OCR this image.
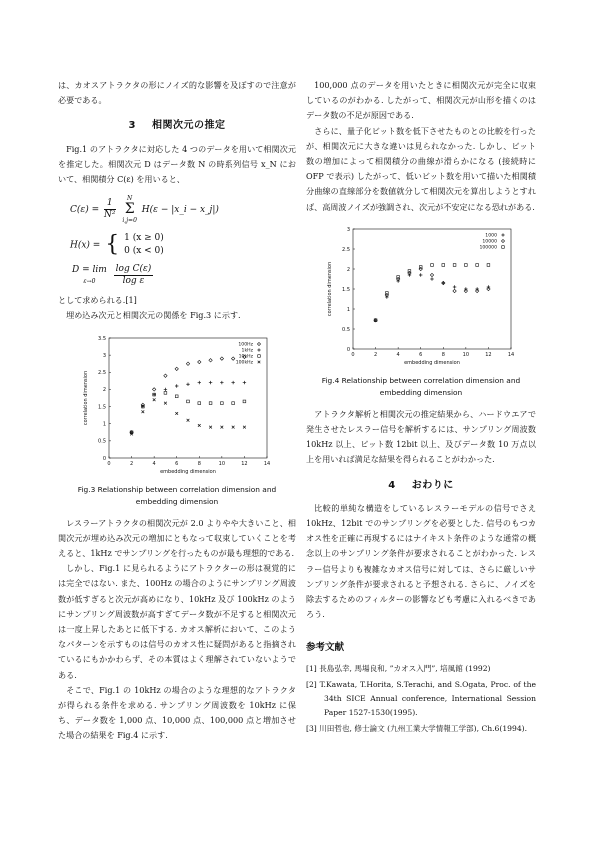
は、カオスアトラクタの形にノイズ的な影響を及ぼすので注意が必要である。

3 相関次元の推定

Fig.1 のアトラクタに対応した 4 つのデータを用いて相関次元を推定した。相関次元 D はデータ数 N の時系列信号 x_N において、相関積分 C(ε) を用いると、

$C(\varepsilon) = \frac{1}{\text{N²}}$
	N
Σ
i,j=0
H(ε − |x_i − x_j|)
H(x) = { 1 (x ≥ 0)
0 (x < 0)
D = lim
ε→0
	$\frac{\text{log C(ε)}}{\text{log ε}}$

として求められる.[1]

埋め込み次元と相関次元の関係を Fig.3 に示す.

0	2	4	6	8	10	12	14
0
0.5
1
1.5
2
2.5
3
3.5
embedding dimension
correlation dimension
100Hz
1kHz
10kHz
100kHz
Fig.3 Relationship between correlation dimension and embedding dimension

レスラーアトラクタの相関次元が 2.0 よりやや大きいこと、相関次元が埋め込み次元の増加にともなって収束していくことを考えると、1kHz でサンプリングを行ったものが最も理想的である.

しかし、Fig.1 に見られるようにアトラクターの形は視覚的には完全ではない. また、100Hz の場合のようにサンプリング周波数が低すぎると次元が高めになり、10kHz 及び 100kHz のようにサンプリング周波数が高すぎてデータ数が不足すると相関次元は一度上昇したあとに低下する. カオス解析において、このようなパターンを示すものは信号のカオス性に疑問があると指摘されているにもかかわらず、その本質はよく理解されていないようである.

そこで、Fig.1 の 10kHz の場合のような理想的なアトラクタが得られる条件を求める. サンプリング周波数を 10kHz に保ち、データ数を 1,000 点、10,000 点、100,000 点と増加させた場合の結果を Fig.4 に示す.

100,000 点のデータを用いたときに相関次元が完全に収束しているのがわかる. したがって、相関次元が山形を描くのはデータ数の不足が原因である.

さらに、量子化ビット数を低下させたものとの比較を行ったが、相関次元に大きな違いは見られなかった. しかし、ビット数の増加によって相関積分の曲線が滑らかになる (接続時に OFP で表示) したがって、低いビット数を用いて描いた相関積分曲線の直線部分を数値就分して相関次元を算出しようとすれば、高周波ノイズが強調され、次元が不安定になる恐れがある.

0	2	4	6	8	10	12	14
0
0.5
1
1.5
2
2.5
3
embedding dimension
correlation dimension
1000
10000
100000
Fig.4 Relationship between correlation dimension and embedding dimension

アトラクタ解析と相関次元の推定結果から、ハードウエアで発生させたレスラー信号を解析するには、サンプリング周波数 10kHz 以上、ビット数 12bit 以上、及びデータ数 10 万点以上を用いれば満足な結果を得られることがわかった.

4 おわりに

比較的単純な構造をしているレスラーモデルの信号でさえ 10kHz、12bit でのサンプリングを必要とした. 信号のもつカオス性を正確に再現するにはナイキスト条件のような通常の概念以上のサンプリング条件が要求されることがわかった. レスラー信号よりも複雑なカオス信号に対しては、さらに厳しいサンプリング条件が要求されると予想される. さらに、ノイズを除去するためのフィルターの影響なども考慮に入れるべきであろう.

参考文献

[1] 長島弘幸, 馬場良和, ”カオス入門”, 培風館 (1992)

[2] T.Kawata, T.Horita, S.Terachi, and S.Ogata, Proc. of the 34th SICE Annual conference, International Session Paper 1527-1530(1995).

[3] 川田哲也, 修士論文 (九州工業大学情報工学部), Ch.6(1994).
